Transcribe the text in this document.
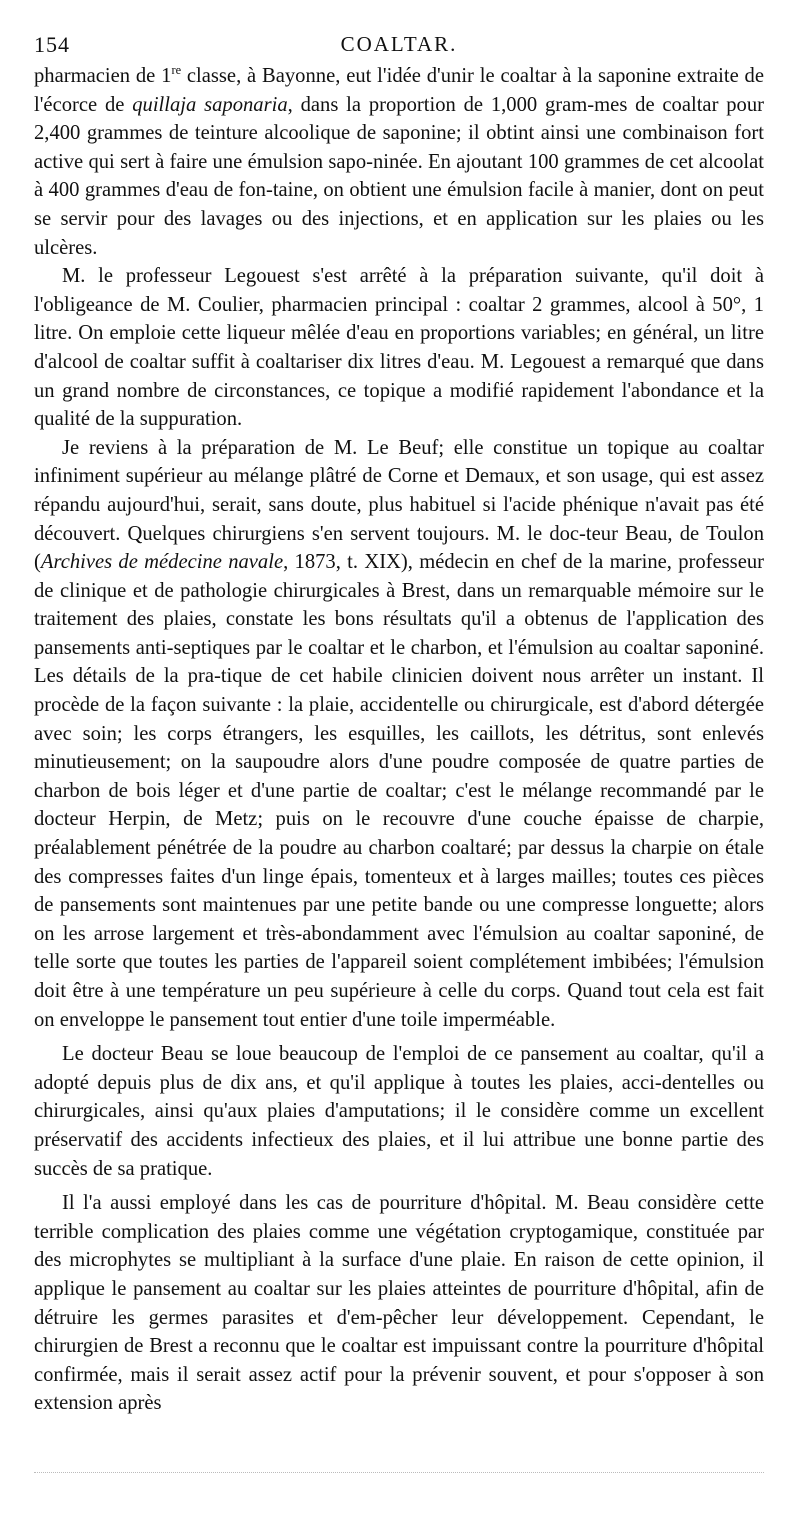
154	COALTAR.

pharmacien de 1re classe, à Bayonne, eut l'idée d'unir le coaltar à la saponine extraite de l'écorce de quillaja saponaria, dans la proportion de 1,000 gram-mes de coaltar pour 2,400 grammes de teinture alcoolique de saponine; il obtint ainsi une combinaison fort active qui sert à faire une émulsion sapo-ninée. En ajoutant 100 grammes de cet alcoolat à 400 grammes d'eau de fon-taine, on obtient une émulsion facile à manier, dont on peut se servir pour des lavages ou des injections, et en application sur les plaies ou les ulcères.

M. le professeur Legouest s'est arrêté à la préparation suivante, qu'il doit à l'obligeance de M. Coulier, pharmacien principal : coaltar 2 grammes, alcool à 50°, 1 litre. On emploie cette liqueur mêlée d'eau en proportions variables; en général, un litre d'alcool de coaltar suffit à coaltariser dix litres d'eau. M. Legouest a remarqué que dans un grand nombre de circonstances, ce topique a modifié rapidement l'abondance et la qualité de la suppuration.

Je reviens à la préparation de M. Le Beuf; elle constitue un topique au coaltar infiniment supérieur au mélange plâtré de Corne et Demaux, et son usage, qui est assez répandu aujourd'hui, serait, sans doute, plus habituel si l'acide phénique n'avait pas été découvert. Quelques chirurgiens s'en servent toujours. M. le doc-teur Beau, de Toulon (Archives de médecine navale, 1873, t. XIX), médecin en chef de la marine, professeur de clinique et de pathologie chirurgicales à Brest, dans un remarquable mémoire sur le traitement des plaies, constate les bons résultats qu'il a obtenus de l'application des pansements anti-septiques par le coaltar et le charbon, et l'émulsion au coaltar saponiné. Les détails de la pra-tique de cet habile clinicien doivent nous arrêter un instant. Il procède de la façon suivante : la plaie, accidentelle ou chirurgicale, est d'abord détergée avec soin; les corps étrangers, les esquilles, les caillots, les détritus, sont enlevés minutieusement; on la saupoudre alors d'une poudre composée de quatre parties de charbon de bois léger et d'une partie de coaltar; c'est le mélange recommandé par le docteur Herpin, de Metz; puis on le recouvre d'une couche épaisse de charpie, préalablement pénétrée de la poudre au charbon coaltaré; par dessus la charpie on étale des compresses faites d'un linge épais, tomenteux et à larges mailles; toutes ces pièces de pansements sont maintenues par une petite bande ou une compresse longuette; alors on les arrose largement et très-abondamment avec l'émulsion au coaltar saponiné, de telle sorte que toutes les parties de l'appareil soient complétement imbibées; l'émulsion doit être à une température un peu supérieure à celle du corps. Quand tout cela est fait on enveloppe le pansement tout entier d'une toile imperméable.

Le docteur Beau se loue beaucoup de l'emploi de ce pansement au coaltar, qu'il a adopté depuis plus de dix ans, et qu'il applique à toutes les plaies, acci-dentelles ou chirurgicales, ainsi qu'aux plaies d'amputations; il le considère comme un excellent préservatif des accidents infectieux des plaies, et il lui attribue une bonne partie des succès de sa pratique.

Il l'a aussi employé dans les cas de pourriture d'hôpital. M. Beau considère cette terrible complication des plaies comme une végétation cryptogamique, constituée par des microphytes se multipliant à la surface d'une plaie. En raison de cette opinion, il applique le pansement au coaltar sur les plaies atteintes de pourriture d'hôpital, afin de détruire les germes parasites et d'em-pêcher leur développement. Cependant, le chirurgien de Brest a reconnu que le coaltar est impuissant contre la pourriture d'hôpital confirmée, mais il serait assez actif pour la prévenir souvent, et pour s'opposer à son extension après
